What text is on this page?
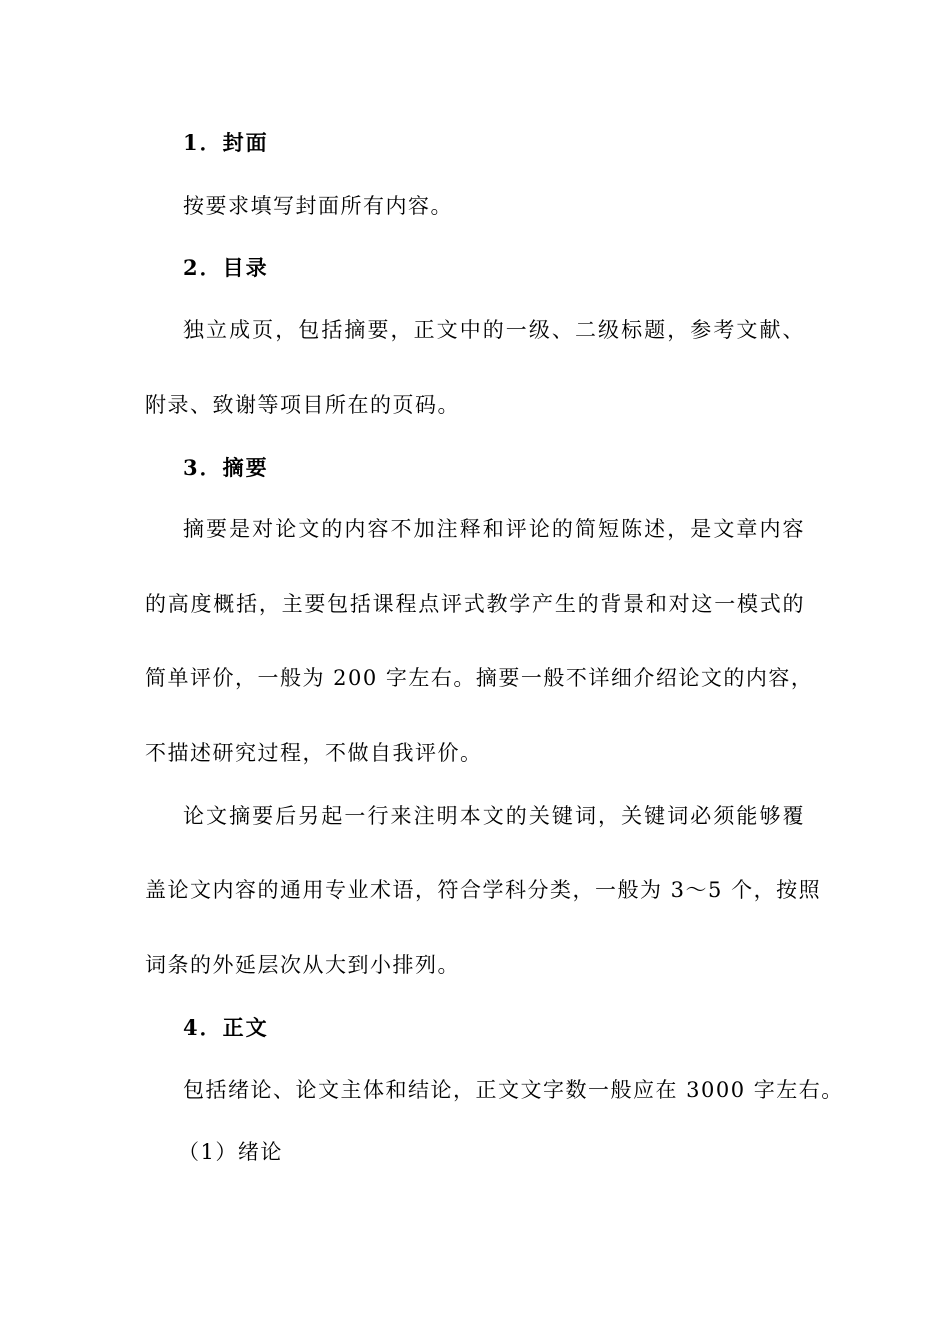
1．封面
按要求填写封面所有内容。
2．目录
独立成页，包括摘要，正文中的一级、二级标题，参考文献、
附录、致谢等项目所在的页码。
3．摘要
摘要是对论文的内容不加注释和评论的简短陈述，是文章内容
的高度概括，主要包括课程点评式教学产生的背景和对这一模式的
简单评价，一般为 200 字左右。摘要一般不详细介绍论文的内容，
不描述研究过程，不做自我评价。
论文摘要后另起一行来注明本文的关键词，关键词必须能够覆
盖论文内容的通用专业术语，符合学科分类，一般为 3～5 个，按照
词条的外延层次从大到小排列。
4．正文
包括绪论、论文主体和结论，正文文字数一般应在 3000 字左右。
（1）绪论
